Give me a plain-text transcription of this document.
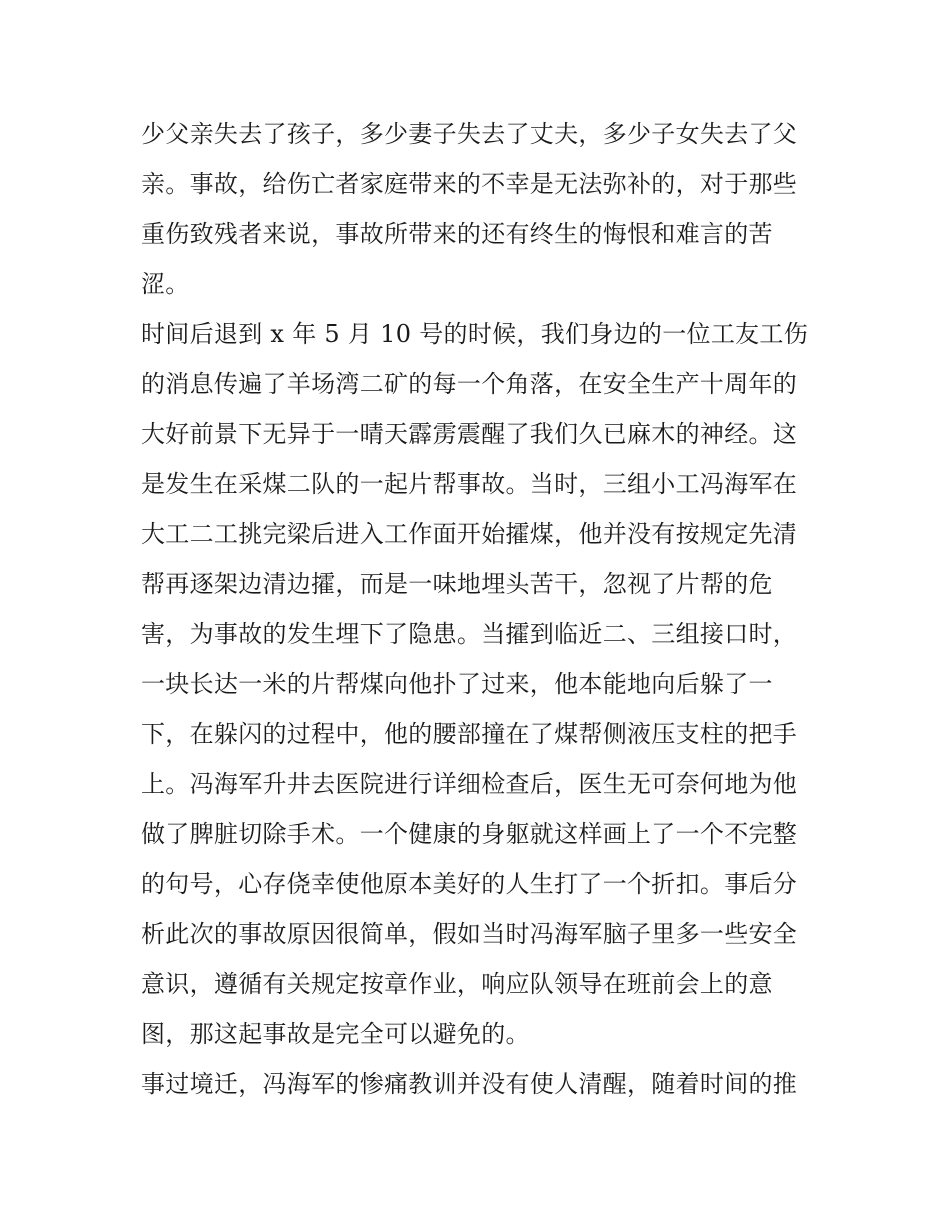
少父亲失去了孩子，多少妻子失去了丈夫，多少子女失去了父
亲。事故，给伤亡者家庭带来的不幸是无法弥补的，对于那些
重伤致残者来说，事故所带来的还有终生的悔恨和难言的苦
涩。
时间后退到 x 年 5 月 10 号的时候，我们身边的一位工友工伤
的消息传遍了羊场湾二矿的每一个角落，在安全生产十周年的
大好前景下无异于一晴天霹雳震醒了我们久已麻木的神经。这
是发生在采煤二队的一起片帮事故。当时，三组小工冯海军在
大工二工挑完梁后进入工作面开始攉煤，他并没有按规定先清
帮再逐架边清边攉，而是一味地埋头苦干，忽视了片帮的危
害，为事故的发生埋下了隐患。当攉到临近二、三组接口时，
一块长达一米的片帮煤向他扑了过来，他本能地向后躲了一
下，在躲闪的过程中，他的腰部撞在了煤帮侧液压支柱的把手
上。冯海军升井去医院进行详细检查后，医生无可奈何地为他
做了脾脏切除手术。一个健康的身躯就这样画上了一个不完整
的句号，心存侥幸使他原本美好的人生打了一个折扣。事后分
析此次的事故原因很简单，假如当时冯海军脑子里多一些安全
意识，遵循有关规定按章作业，响应队领导在班前会上的意
图，那这起事故是完全可以避免的。
事过境迁，冯海军的惨痛教训并没有使人清醒，随着时间的推
